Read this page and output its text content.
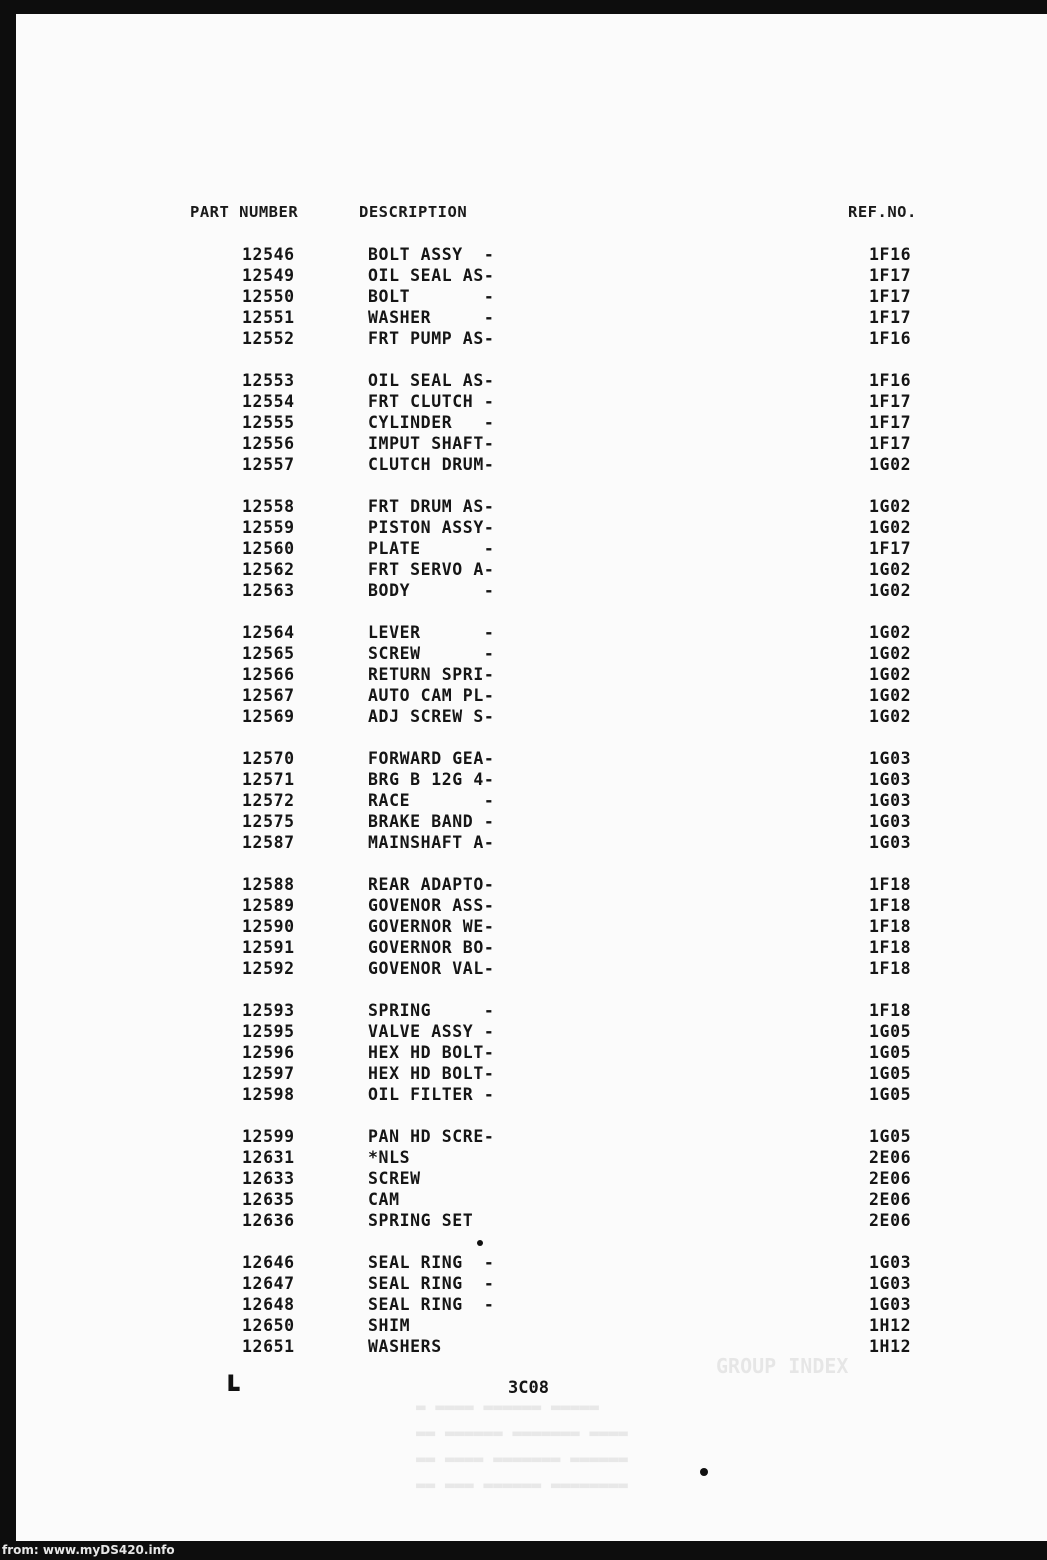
PART NUMBER	DESCRIPTION	REF.NO.
12546	BOLT ASSY  -	1F16
12549	OIL SEAL AS-	1F17
12550	BOLT       -	1F17
12551	WASHER     -	1F17
12552	FRT PUMP AS-	1F16
12553	OIL SEAL AS-	1F16
12554	FRT CLUTCH -	1F17
12555	CYLINDER   -	1F17
12556	IMPUT SHAFT-	1F17
12557	CLUTCH DRUM-	1G02
12558	FRT DRUM AS-	1G02
12559	PISTON ASSY-	1G02
12560	PLATE      -	1F17
12562	FRT SERVO A-	1G02
12563	BODY       -	1G02
12564	LEVER      -	1G02
12565	SCREW      -	1G02
12566	RETURN SPRI-	1G02
12567	AUTO CAM PL-	1G02
12569	ADJ SCREW S-	1G02
12570	FORWARD GEA-	1G03
12571	BRG B 12G 4-	1G03
12572	RACE       -	1G03
12575	BRAKE BAND -	1G03
12587	MAINSHAFT A-	1G03
12588	REAR ADAPTO-	1F18
12589	GOVENOR ASS-	1F18
12590	GOVERNOR WE-	1F18
12591	GOVERNOR BO-	1F18
12592	GOVENOR VAL-	1F18
12593	SPRING     -	1F18
12595	VALVE ASSY -	1G05
12596	HEX HD BOLT-	1G05
12597	HEX HD BOLT-	1G05
12598	OIL FILTER -	1G05
12599	PAN HD SCRE-	1G05
12631	*NLS	2E06
12633	SCREW	2E06
12635	CAM	2E06
12636	SPRING SET	2E06
12646	SEAL RING  -	1G03
12647	SEAL RING  -	1G03
12648	SEAL RING  -	1G03
12650	SHIM	1H12
12651	WASHERS	1H12
GROUP INDEX
▬ ▬▬▬▬ ▬▬▬▬▬▬ ▬▬▬▬▬
▬▬ ▬▬▬▬▬▬ ▬▬▬▬▬▬▬ ▬▬▬▬
▬▬ ▬▬▬▬ ▬▬▬▬▬▬▬ ▬▬▬▬▬▬
▬▬ ▬▬▬ ▬▬▬▬▬▬ ▬▬▬▬▬▬▬▬
ʟ	3C08
from: www.myDS420.info
